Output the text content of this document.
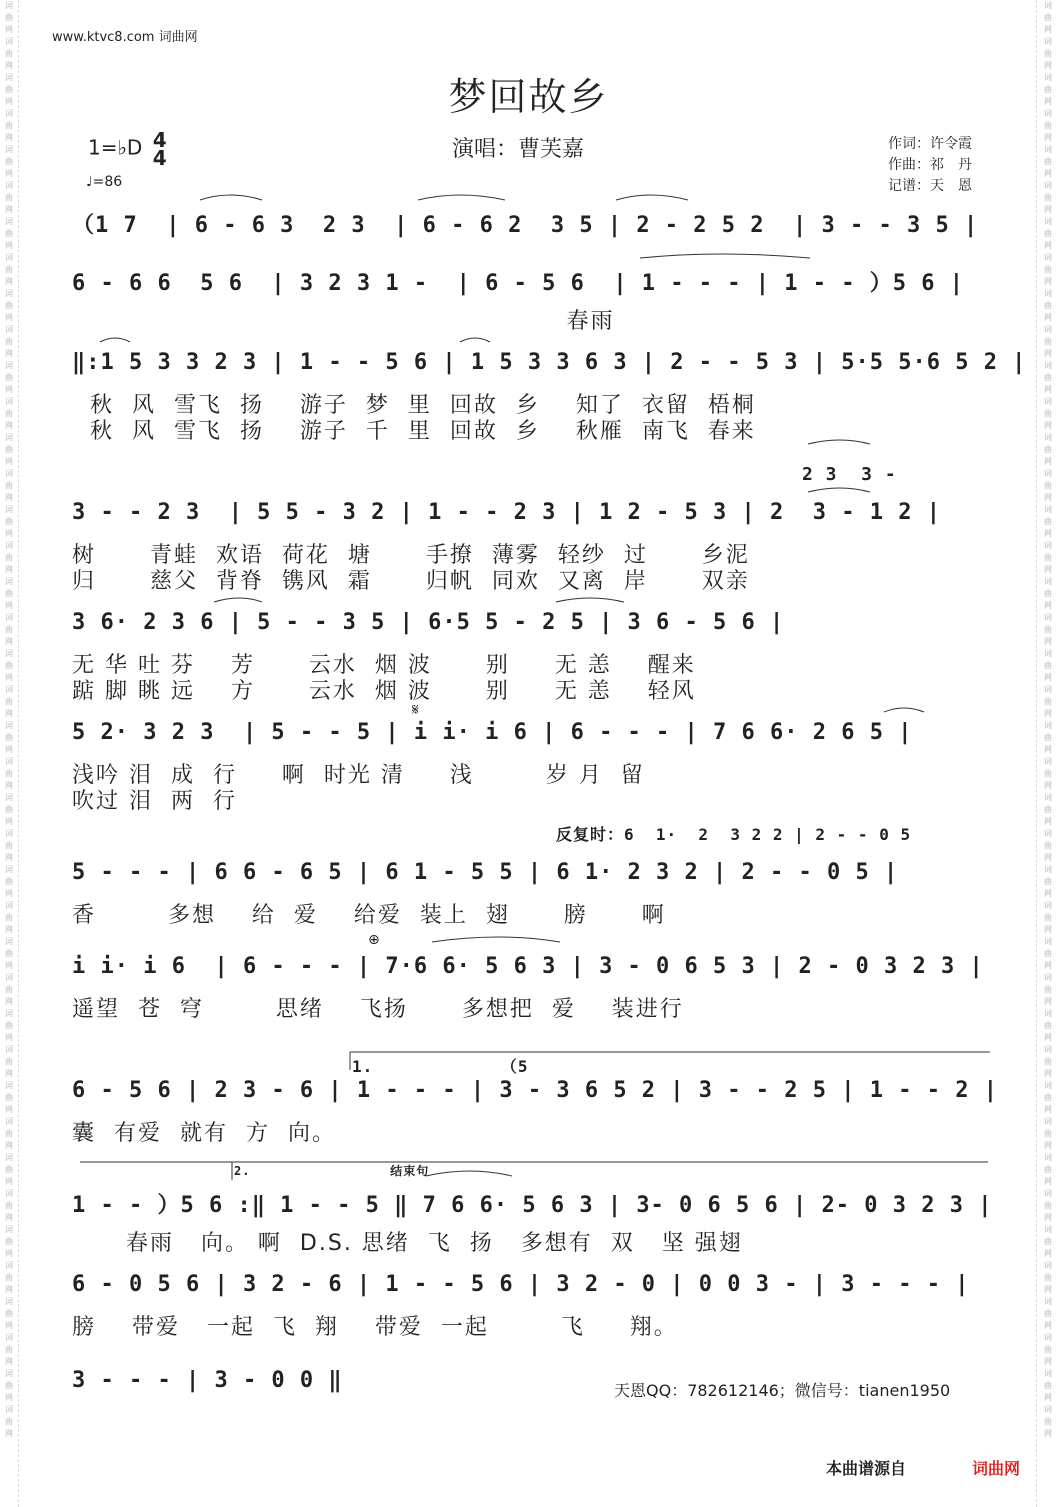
词曲网 词曲网 词曲网 词曲网 词曲网 词曲网 词曲网 词曲网 词曲网 词曲网 词曲网 词曲网 词曲网 词曲网 词曲网 词曲网 词曲网 词曲网 词曲网 词曲网 词曲网 词曲网 词曲网 词曲网 词曲网 词曲网 词曲网 词曲网 词曲网 词曲网 词曲网 词曲网 词曲网 词曲网 词曲网 词曲网 词曲网 词曲网 词曲网 词曲网
词曲网 词曲网 词曲网 词曲网 词曲网 词曲网 词曲网 词曲网 词曲网 词曲网 词曲网 词曲网 词曲网 词曲网 词曲网 词曲网 词曲网 词曲网 词曲网 词曲网 词曲网 词曲网 词曲网 词曲网 词曲网 词曲网 词曲网 词曲网 词曲网 词曲网 词曲网 词曲网 词曲网 词曲网 词曲网 词曲网 词曲网 词曲网 词曲网 词曲网
www.ktvc8.com 词曲网
梦回故乡
1=♭D 4
4
♩=86
演唱：曹芙嘉	作词：许令霞
作曲：祁　丹
记谱：天　恩
（1 7  | 6 - 6 3  2 3  | 6 - 6 2  3 5 | 2 - 2 5 2  | 3 - - 3 5 |
6 - 6 6  5 6  | 3 2 3 1 -  | 6 - 5 6  | 1 - - - | 1 - - ）5 6 |
春雨
‖:1 5 3 3 2 3 | 1 - - 5 6 | 1 5 3 3 6 3 | 2 - - 5 3 | 5·5 5·6 5 2 |
秋  风  雪飞  扬    游子  梦  里  回故  乡    知了  衣留  梧桐
秋  风  雪飞  扬    游子  千  里  回故  乡    秋雁  南飞  春来
2 3  3 -
3 - - 2 3  | 5 5 - 3 2 | 1 - - 2 3 | 1 2 - 5 3 | 2  3 - 1 2 |
树      青蛙  欢语  荷花  塘      手撩  薄雾  轻纱  过      乡泥
归      慈父  背脊  镌风  霜      归帆  同欢  又离  岸      双亲
3 6· 2 3 6 | 5 - - 3 5 | 6·5 5 - 2 5 | 3 6 - 5 6 |
无 华 吐 芬    芳      云水  烟 波      别     无 恙    醒来
踮 脚 眺 远    方      云水  烟 波      别     无 恙    轻风
𝄋
5 2· 3 2 3  | 5 - - 5 | i i· i 6 | 6 - - - | 7 6 6· 2 6 5 |
浅吟 泪  成  行     啊  时光 清     浅        岁 月  留
吹过 泪  两  行
反复时：6  1·  2  3 2 2 | 2 - - 0 5
5 - - - | 6 6 - 6 5 | 6 1 - 5 5 | 6 1· 2 3 2 | 2 - - 0 5 |
香        多想    给  爱    给爱  装上  翅      膀      啊
⊕
i i· i 6  | 6 - - - | 7·6 6· 5 6 3 | 3 - 0 6 5 3 | 2 - 0 3 2 3 |
遥望  苍  穹        思绪    飞扬      多想把  爱    装进行
1.            （5
6 - 5 6 | 2 3 - 6 | 1 - - - | 3 - 3 6 5 2 | 3 - - 2 5 | 1 - - 2 |
囊  有爱  就有  方  向。
2.                 结束句
1 - - ）5 6 :‖ 1 - - 5 ‖ 7 6 6· 5 6 3 | 3- 0 6 5 6 | 2- 0 3 2 3 |
春雨   向。 啊  D.S. 思绪  飞  扬   多想有  双   坚 强翅
6 - 0 5 6 | 3 2 - 6 | 1 - - 5 6 | 3 2 - 0 | 0 0 3 - | 3 - - - |
膀    带爱   一起  飞  翔    带爱  一起        飞     翔。
3 - - - | 3 - 0 0 ‖	天恩QQ：782612146；微信号：tianen1950
本曲谱源自	词曲网
